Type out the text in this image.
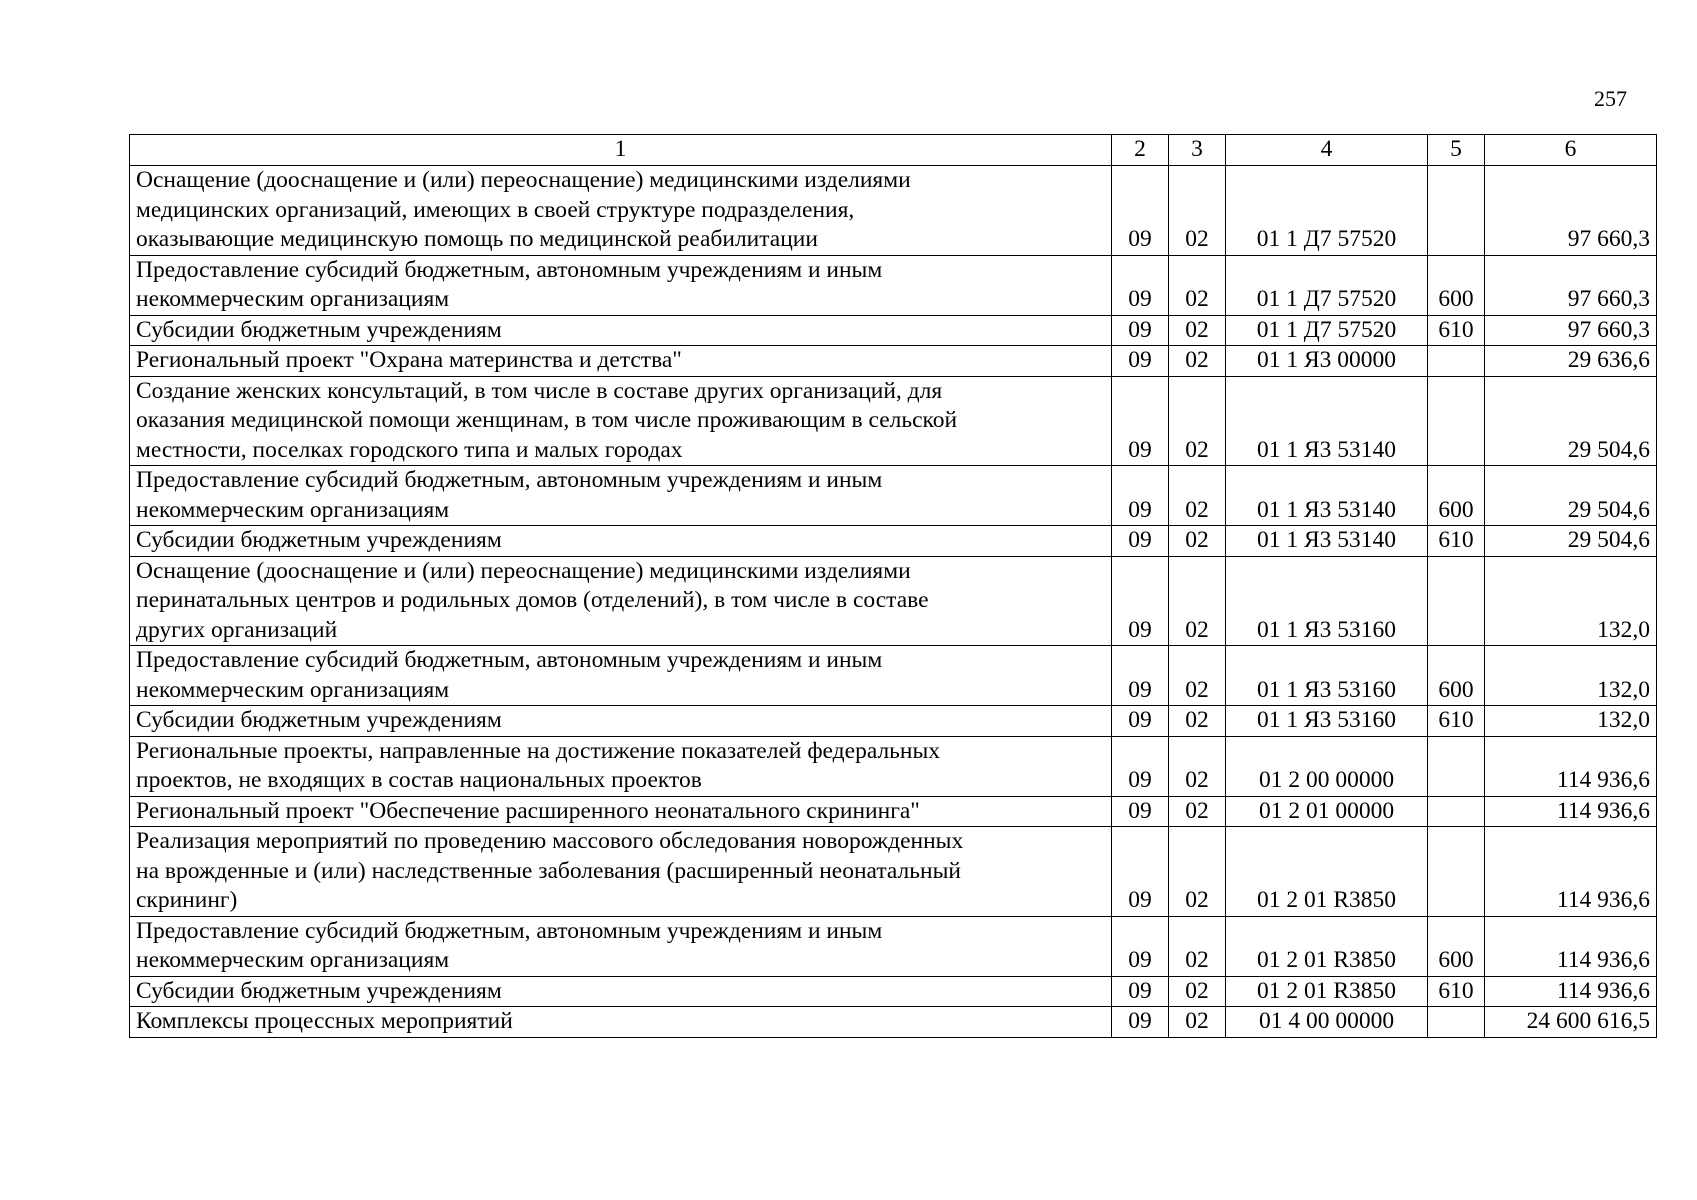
257
1	2	3	4	5	6
Оснащение (дооснащение и (или) переоснащение) медицинскими изделиями
медицинских организаций, имеющих в своей структуре подразделения,
оказывающие медицинскую помощь по медицинской реабилитации	09	02	01 1 Д7 57520		97 660,3
Предоставление субсидий бюджетным, автономным учреждениям и иным
некоммерческим организациям	09	02	01 1 Д7 57520	600	97 660,3
Субсидии бюджетным учреждениям	09	02	01 1 Д7 57520	610	97 660,3
Региональный проект "Охрана материнства и детства"	09	02	01 1 Я3 00000		29 636,6
Создание женских консультаций, в том числе в составе других организаций, для
оказания медицинской помощи женщинам, в том числе проживающим в сельской
местности, поселках городского типа и малых городах	09	02	01 1 Я3 53140		29 504,6
Предоставление субсидий бюджетным, автономным учреждениям и иным
некоммерческим организациям	09	02	01 1 Я3 53140	600	29 504,6
Субсидии бюджетным учреждениям	09	02	01 1 Я3 53140	610	29 504,6
Оснащение (дооснащение и (или) переоснащение) медицинскими изделиями
перинатальных центров и родильных домов (отделений), в том числе в составе
других организаций	09	02	01 1 Я3 53160		132,0
Предоставление субсидий бюджетным, автономным учреждениям и иным
некоммерческим организациям	09	02	01 1 Я3 53160	600	132,0
Субсидии бюджетным учреждениям	09	02	01 1 Я3 53160	610	132,0
Региональные проекты, направленные на достижение показателей федеральных
проектов, не входящих в состав национальных проектов	09	02	01 2 00 00000		114 936,6
Региональный проект "Обеспечение расширенного неонатального скрининга"	09	02	01 2 01 00000		114 936,6
Реализация мероприятий по проведению массового обследования новорожденных
на врожденные и (или) наследственные заболевания (расширенный неонатальный
скрининг)	09	02	01 2 01 R3850		114 936,6
Предоставление субсидий бюджетным, автономным учреждениям и иным
некоммерческим организациям	09	02	01 2 01 R3850	600	114 936,6
Субсидии бюджетным учреждениям	09	02	01 2 01 R3850	610	114 936,6
Комплексы процессных мероприятий	09	02	01 4 00 00000		24 600 616,5
